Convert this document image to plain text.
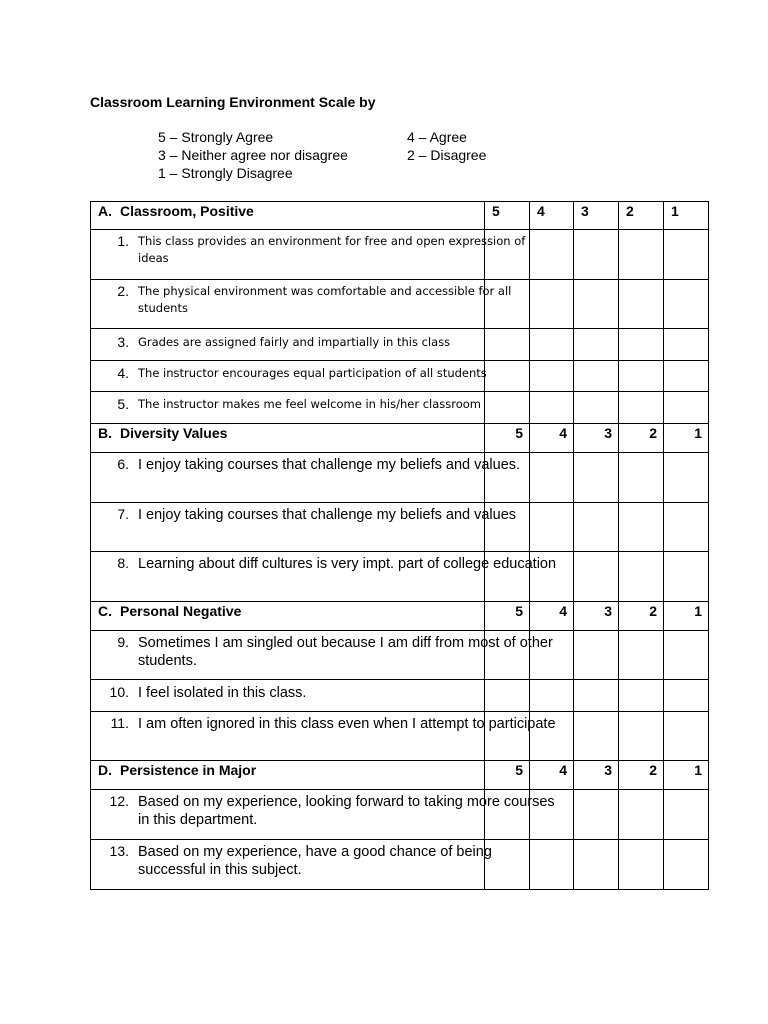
Classroom Learning Environment Scale by
5 – Strongly Agree	4 – Agree
3 – Neither agree nor disagree	2 – Disagree
1 – Strongly Disagree
A. Classroom, Positive	5	4	3	2	1

1. This class provides an environment for free and open expression of ideas					

2. The physical environment was comfortable and accessible for all students					

3. Grades are assigned fairly and impartially in this class					

4. The instructor encourages equal participation of all students					

5. The instructor makes me feel welcome in his/her classroom					

B. Diversity Values	5	4	3	2	1

6. I enjoy taking courses that challenge my beliefs and values.					

7. I enjoy taking courses that challenge my beliefs and values					

8. Learning about diff cultures is very impt. part of college education					

C. Personal Negative	5	4	3	2	1

9. Sometimes I am singled out because I am diff from most of other students.					

10. I feel isolated in this class.					

11. I am often ignored in this class even when I attempt to participate					

D. Persistence in Major	5	4	3	2	1

12. Based on my experience, looking forward to taking more courses in this department.					

13. Based on my experience, have a good chance of being successful in this subject.					
